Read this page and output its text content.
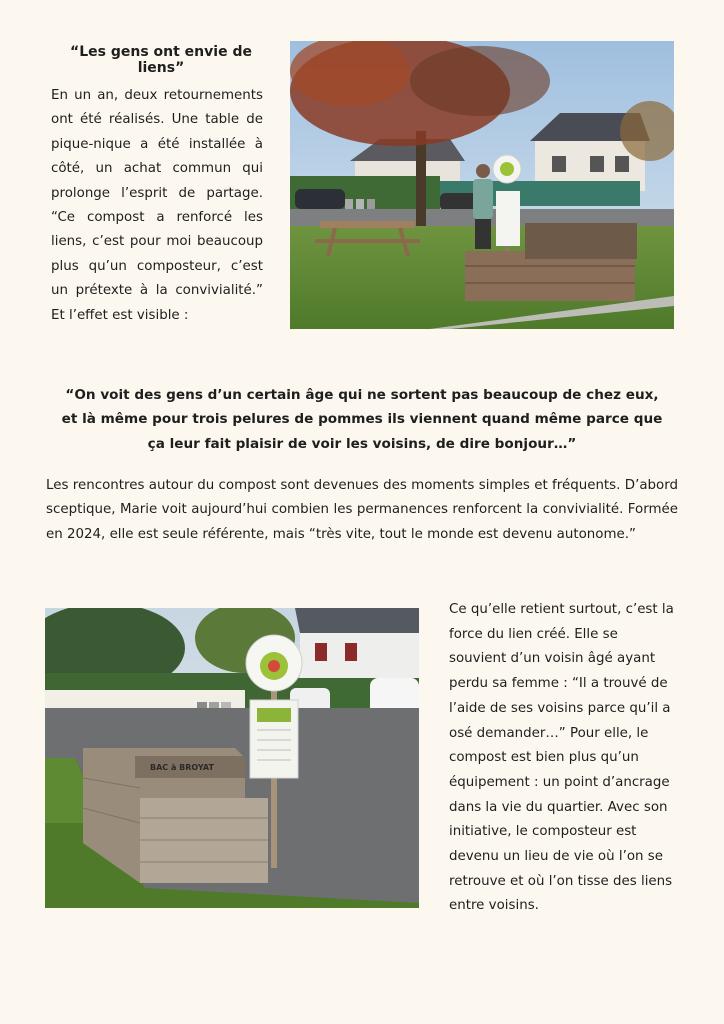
“Les gens ont envie de liens”

En un an, deux retournements ont été réalisés. Une table de pique-nique a été installée à côté, un achat commun qui prolonge l’esprit de partage. “Ce compost a renforcé les liens, c’est pour moi beaucoup plus qu’un composteur, c’est un prétexte à la convivialité.” Et l’effet est visible :

“On voit des gens d’un certain âge qui ne sortent pas beaucoup de chez eux, et là même pour trois pelures de pommes ils viennent quand même parce que ça leur fait plaisir de voir les voisins, de dire bonjour…”

Les rencontres autour du compost sont devenues des moments simples et fréquents. D’abord sceptique, Marie voit aujourd’hui combien les permanences renforcent la convivialité. Formée en 2024, elle est seule référente, mais “très vite, tout le monde est devenu autonome.”

BAC à BROYAT

Ce qu’elle retient surtout, c’est la force du lien créé. Elle se souvient d’un voisin âgé ayant perdu sa femme : “Il a trouvé de l’aide de ses voisins parce qu’il a osé demander…” Pour elle, le compost est bien plus qu’un équipement : un point d’ancrage dans la vie du quartier. Avec son initiative, le composteur est devenu un lieu de vie où l’on se retrouve et où l’on tisse des liens entre voisins.
